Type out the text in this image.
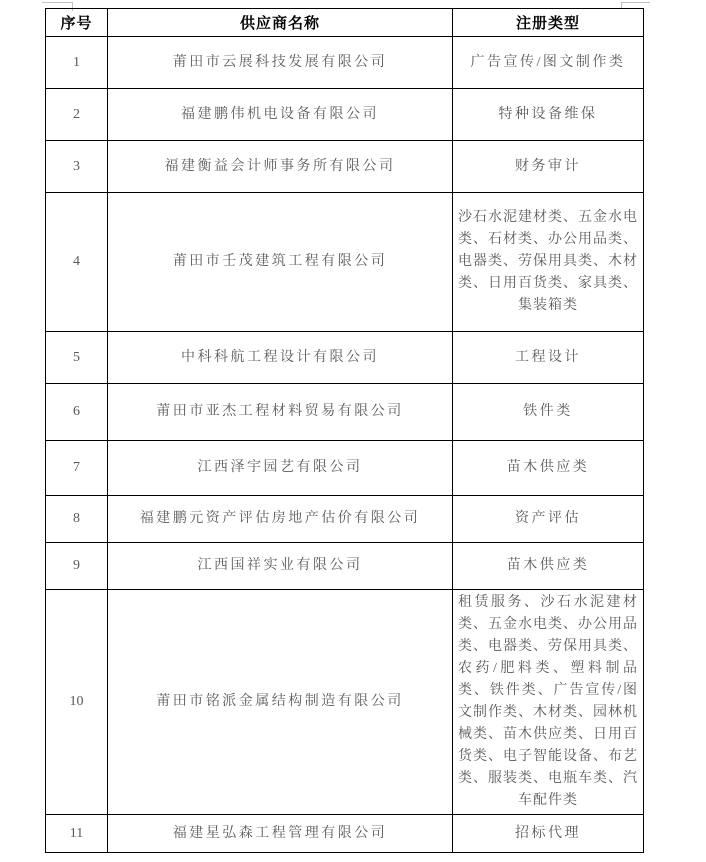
序号	供应商名称	注册类型
1	莆田市云展科技发展有限公司	广告宣传/图文制作类
2	福建鹏伟机电设备有限公司	特种设备维保
3	福建衡益会计师事务所有限公司	财务审计
4	莆田市壬茂建筑工程有限公司	沙石水泥建材类、五金水电类、石材类、办公用品类、电器类、劳保用具类、木材类、日用百货类、家具类、集装箱类
5	中科科航工程设计有限公司	工程设计
6	莆田市亚杰工程材料贸易有限公司	铁件类
7	江西泽宇园艺有限公司	苗木供应类
8	福建鹏元资产评估房地产估价有限公司	资产评估
9	江西国祥实业有限公司	苗木供应类
10	莆田市铭派金属结构制造有限公司	租赁服务、沙石水泥建材类、五金水电类、办公用品类、电器类、劳保用具类、农药/肥料类、塑料制品类、铁件类、广告宣传/图文制作类、木材类、园林机械类、苗木供应类、日用百货类、电子智能设备、布艺类、服装类、电瓶车类、汽车配件类
11	福建星弘森工程管理有限公司	招标代理
